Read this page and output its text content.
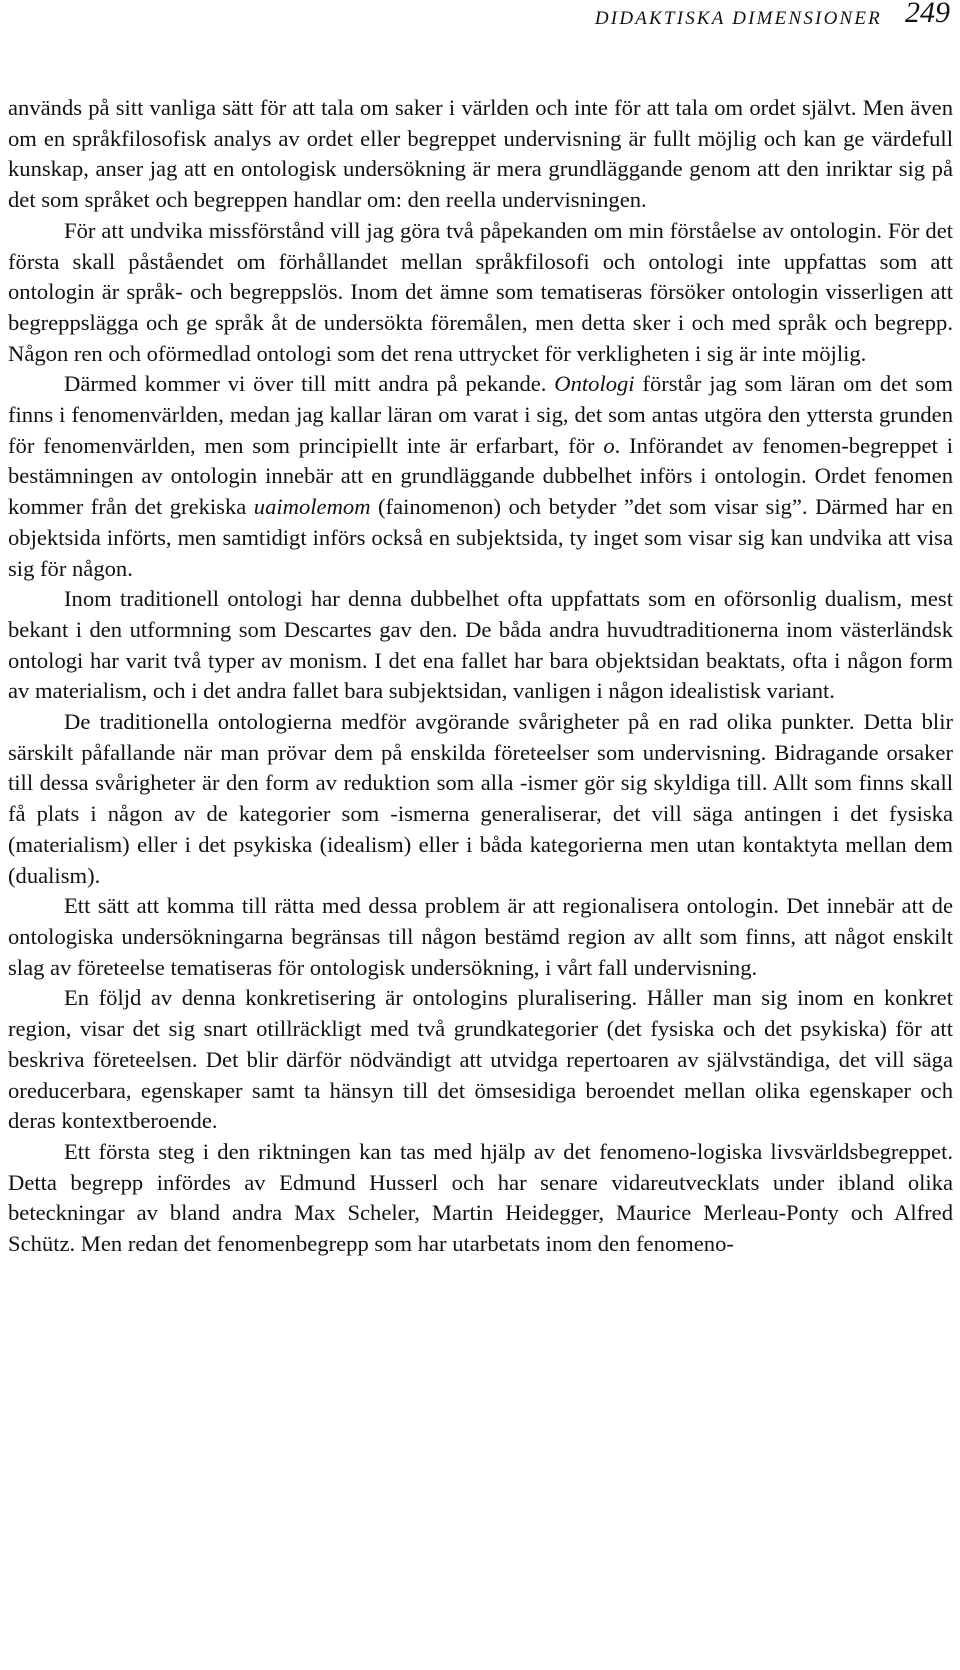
DIDAKTISKA DIMENSIONER 249

används på sitt vanliga sätt för att tala om saker i världen och inte för att tala om ordet självt. Men även om en språkfilosofisk analys av ordet eller begreppet undervisning är fullt möjlig och kan ge värdefull kunskap, anser jag att en ontologisk undersökning är mera grundläggande genom att den inriktar sig på det som språket och begreppen handlar om: den reella undervisningen.

För att undvika missförstånd vill jag göra två påpekanden om min förståelse av ontologin. För det första skall påståendet om förhållandet mellan språkfilosofi och ontologi inte uppfattas som att ontologin är språk- och begreppslös. Inom det ämne som tematiseras försöker ontologin visserligen att begreppslägga och ge språk åt de undersökta föremålen, men detta sker i och med språk och begrepp. Någon ren och oförmedlad ontologi som det rena uttrycket för verkligheten i sig är inte möjlig.

Därmed kommer vi över till mitt andra på pekande. Ontologi förstår jag som läran om det som finns i fenomenvärlden, medan jag kallar läran om varat i sig, det som antas utgöra den yttersta grunden för fenomenvärlden, men som principiellt inte är erfarbart, för o. Införandet av fenomen-begreppet i bestämningen av ontologin innebär att en grundläggande dubbelhet införs i ontologin. Ordet fenomen kommer från det grekiska uaimolemom (fainomenon) och betyder ”det som visar sig”. Därmed har en objektsida införts, men samtidigt införs också en subjektsida, ty inget som visar sig kan undvika att visa sig för någon.

Inom traditionell ontologi har denna dubbelhet ofta uppfattats som en oförsonlig dualism, mest bekant i den utformning som Descartes gav den. De båda andra huvudtraditionerna inom västerländsk ontologi har varit två typer av monism. I det ena fallet har bara objektsidan beaktats, ofta i någon form av materialism, och i det andra fallet bara subjektsidan, vanligen i någon idealistisk variant.

De traditionella ontologierna medför avgörande svårigheter på en rad olika punkter. Detta blir särskilt påfallande när man prövar dem på enskilda företeelser som undervisning. Bidragande orsaker till dessa svårigheter är den form av reduktion som alla -ismer gör sig skyldiga till. Allt som finns skall få plats i någon av de kategorier som -ismerna generaliserar, det vill säga antingen i det fysiska (materialism) eller i det psykiska (idealism) eller i båda kategorierna men utan kontaktyta mellan dem (dualism).

Ett sätt att komma till rätta med dessa problem är att regionalisera ontologin. Det innebär att de ontologiska undersökningarna begränsas till någon bestämd region av allt som finns, att något enskilt slag av företeelse tematiseras för ontologisk undersökning, i vårt fall undervisning.

En följd av denna konkretisering är ontologins pluralisering. Håller man sig inom en konkret region, visar det sig snart otillräckligt med två grundkategorier (det fysiska och det psykiska) för att beskriva företeelsen. Det blir därför nödvändigt att utvidga repertoaren av självständiga, det vill säga oreducerbara, egenskaper samt ta hänsyn till det ömsesidiga beroendet mellan olika egenskaper och deras kontextberoende.

Ett första steg i den riktningen kan tas med hjälp av det fenomeno-logiska livsvärldsbegreppet. Detta begrepp infördes av Edmund Husserl och har senare vidareutvecklats under ibland olika beteckningar av bland andra Max Scheler, Martin Heidegger, Maurice Merleau-Ponty och Alfred Schütz. Men redan det fenomenbegrepp som har utarbetats inom den fenomeno-
